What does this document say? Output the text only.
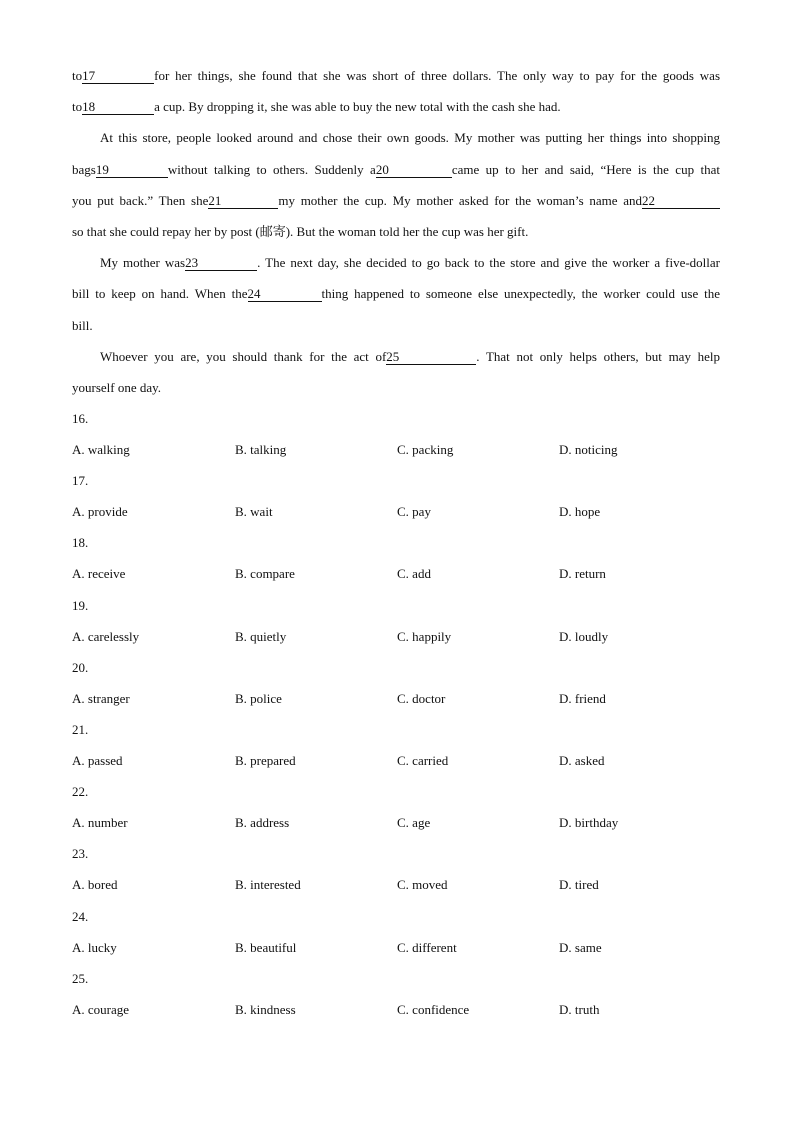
to17	for her things, she found that she was short of three dollars. The only way to pay for the goods was
to18	a cup. By dropping it, she was able to buy the new total with the cash she had.
At this store, people looked around and chose their own goods. My mother was putting her things into shopping
bags19	without talking to others. Suddenly a20	came up to her and said, “Here is the cup that
you put back.” Then she21	my mother the cup. My mother asked for the woman’s name and22
so that she could repay her by post (邮寄). But the woman told her the cup was her gift.
My mother was23	. The next day, she decided to go back to the store and give the worker a five-dollar
bill to keep on hand. When the24	thing happened to someone else unexpectedly, the worker could use the
bill.
Whoever you are, you should thank for the act of25	. That not only helps others, but may help
yourself one day.
16.
A. walking	B. talking	C. packing	D. noticing
17.
A. provide	B. wait	C. pay	D. hope
18.
A. receive	B. compare	C. add	D. return
19.
A. carelessly	B. quietly	C. happily	D. loudly
20.
A. stranger	B. police	C. doctor	D. friend
21.
A. passed	B. prepared	C. carried	D. asked
22.
A. number	B. address	C. age	D. birthday
23.
A. bored	B. interested	C. moved	D. tired
24.
A. lucky	B. beautiful	C. different	D. same
25.
A. courage	B. kindness	C. confidence	D. truth
